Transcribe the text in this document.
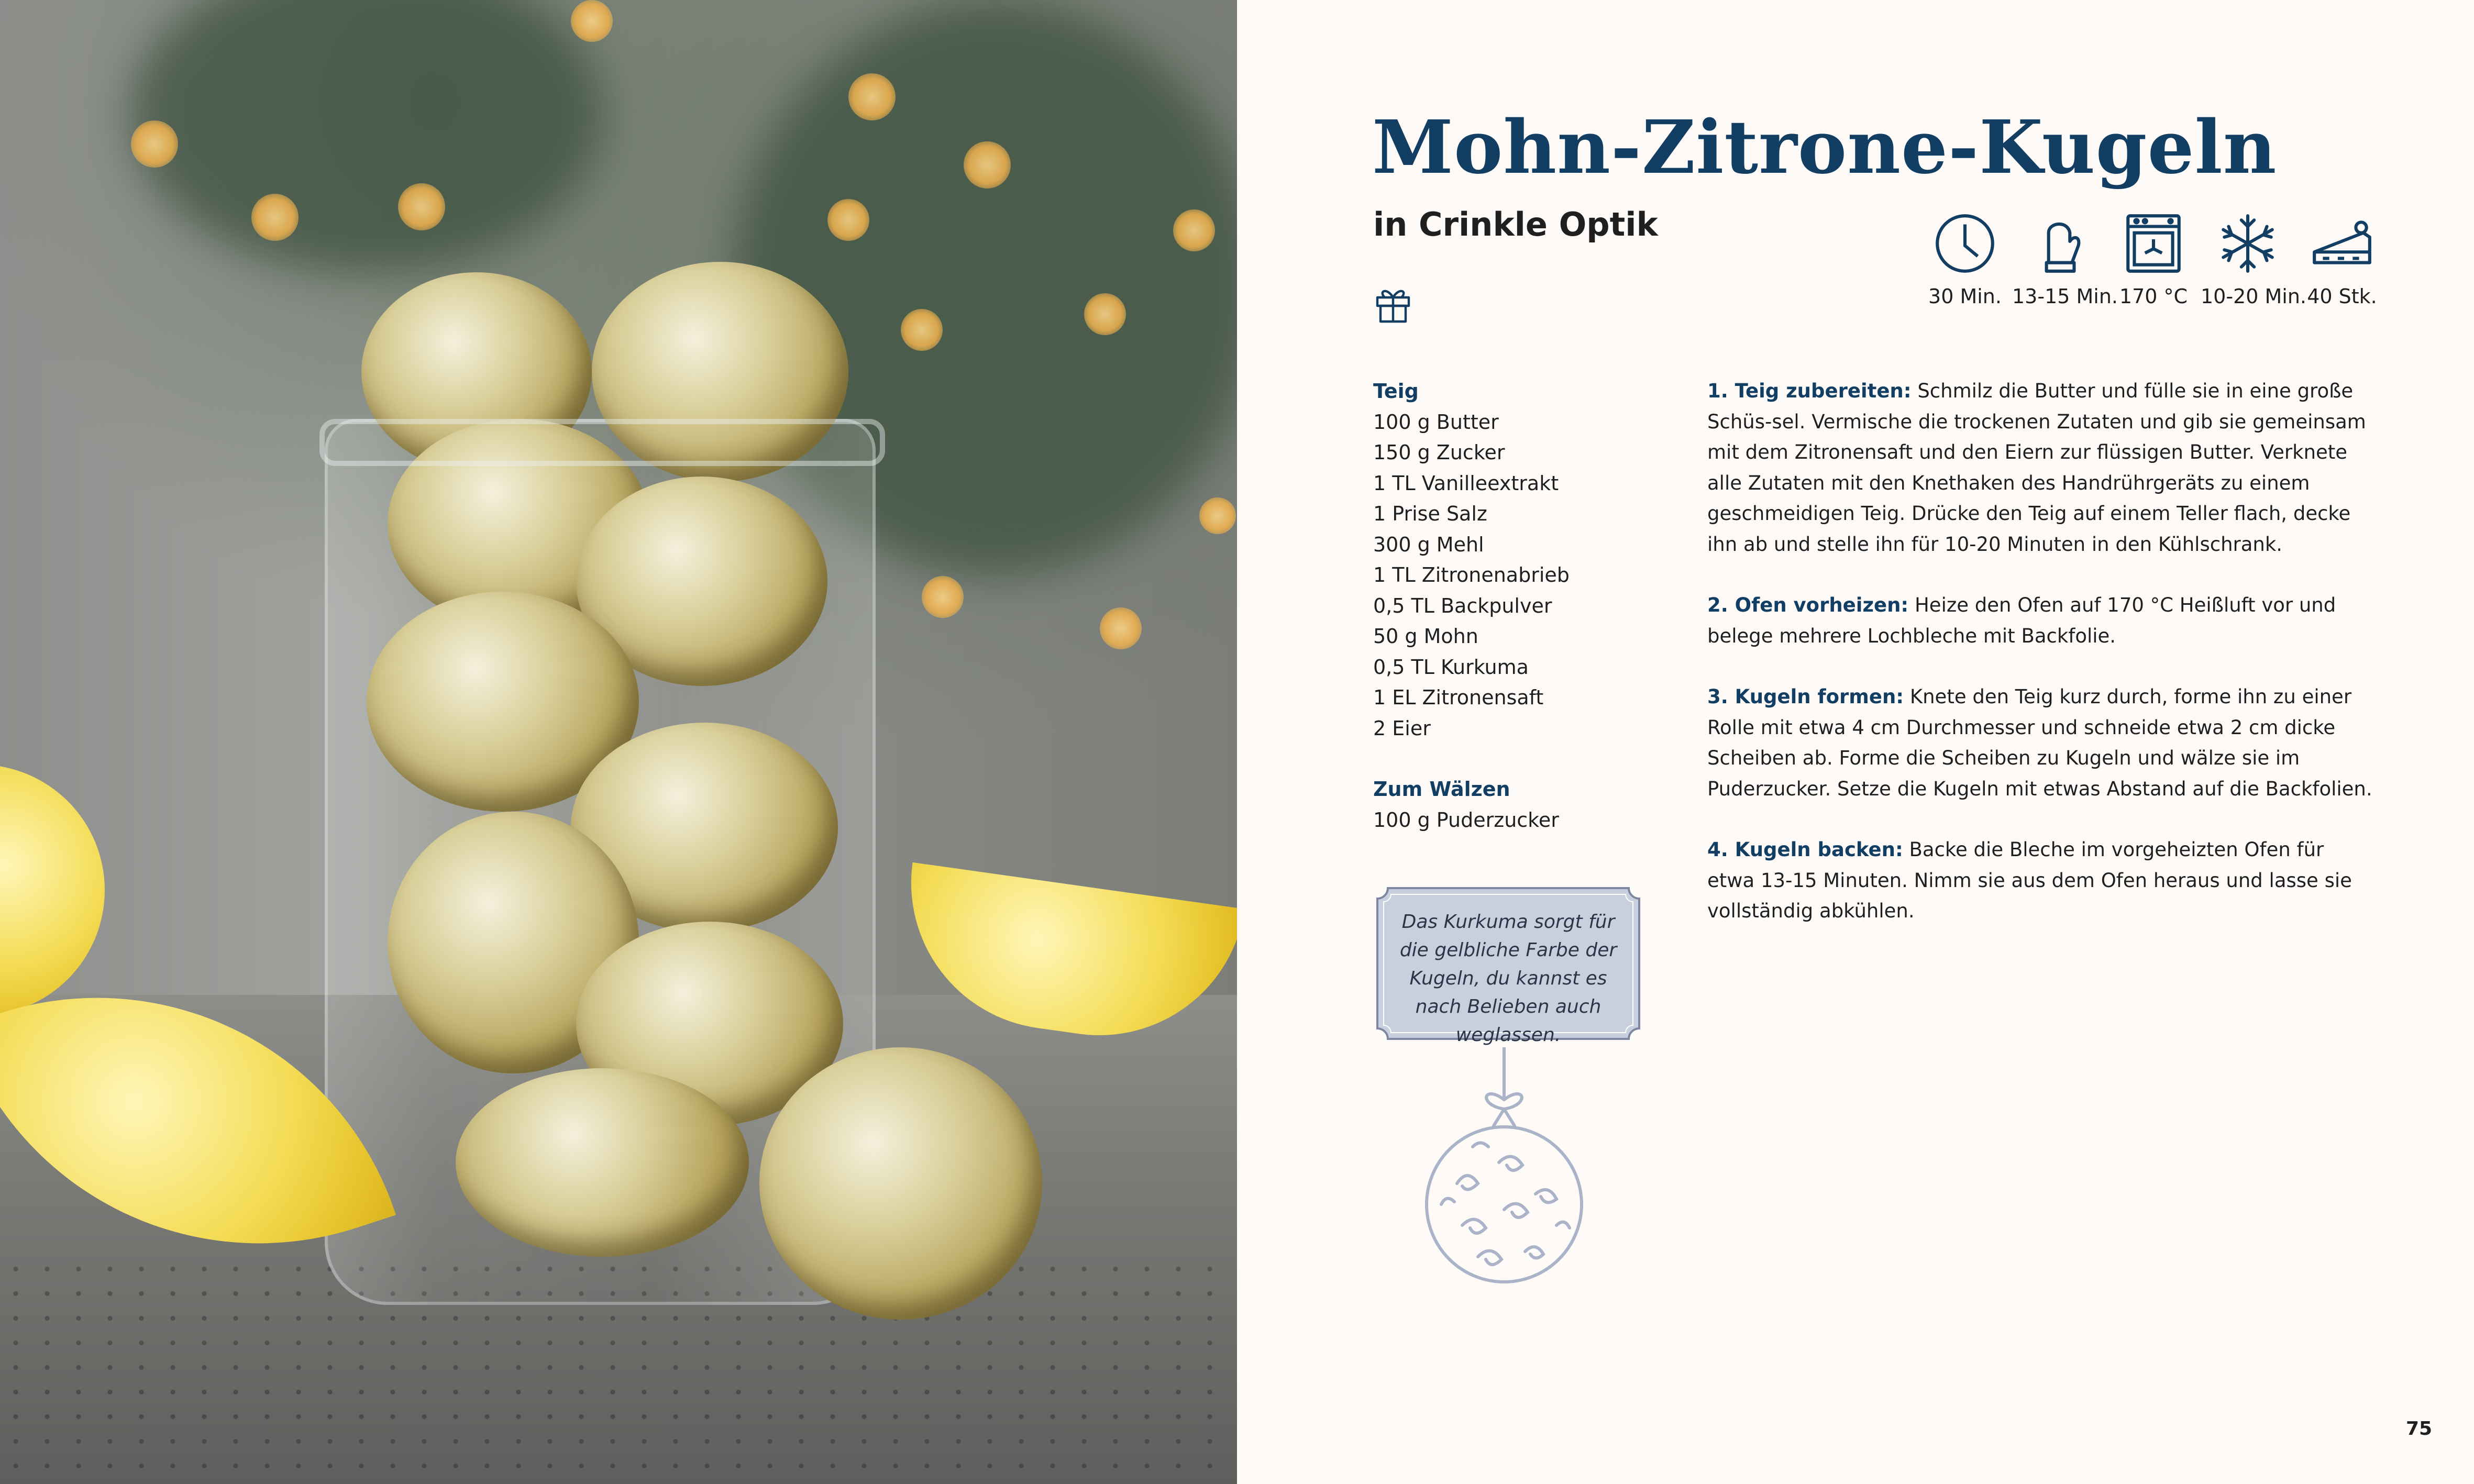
Mohn-Zitrone-Kugeln
in Crinkle Optik
30 Min. 13-15 Min. 170 °C 10-20 Min. 40 Stk.
Teig
100 g Butter
150 g Zucker
1 TL Vanilleextrakt
1 Prise Salz
300 g Mehl
1 TL Zitronenabrieb
0,5 TL Backpulver
50 g Mohn
0,5 TL Kurkuma
1 EL Zitronensaft
2 Eier
Zum Wälzen
100 g Puderzucker

1. Teig zubereiten: Schmilz die Butter und fülle sie in eine große Schüs-sel. Vermische die trockenen Zutaten und gib sie gemeinsam mit dem Zitronensaft und den Eiern zur flüssigen Butter. Verknete alle Zutaten mit den Knethaken des Handrührgeräts zu einem geschmeidigen Teig. Drücke den Teig auf einem Teller flach, decke ihn ab und stelle ihn für 10-20 Minuten in den Kühlschrank.

2. Ofen vorheizen: Heize den Ofen auf 170 °C Heißluft vor und belege mehrere Lochbleche mit Backfolie.

3. Kugeln formen: Knete den Teig kurz durch, forme ihn zu einer Rolle mit etwa 4 cm Durchmesser und schneide etwa 2 cm dicke Scheiben ab. Forme die Scheiben zu Kugeln und wälze sie im Puderzucker. Setze die Kugeln mit etwas Abstand auf die Backfolien.

4. Kugeln backen: Backe die Bleche im vorgeheizten Ofen für etwa 13-15 Minuten. Nimm sie aus dem Ofen heraus und lasse sie vollständig abkühlen.

Das Kurkuma sorgt für die gelbliche Farbe der Kugeln, du kannst es nach Belieben auch weglassen.
75
